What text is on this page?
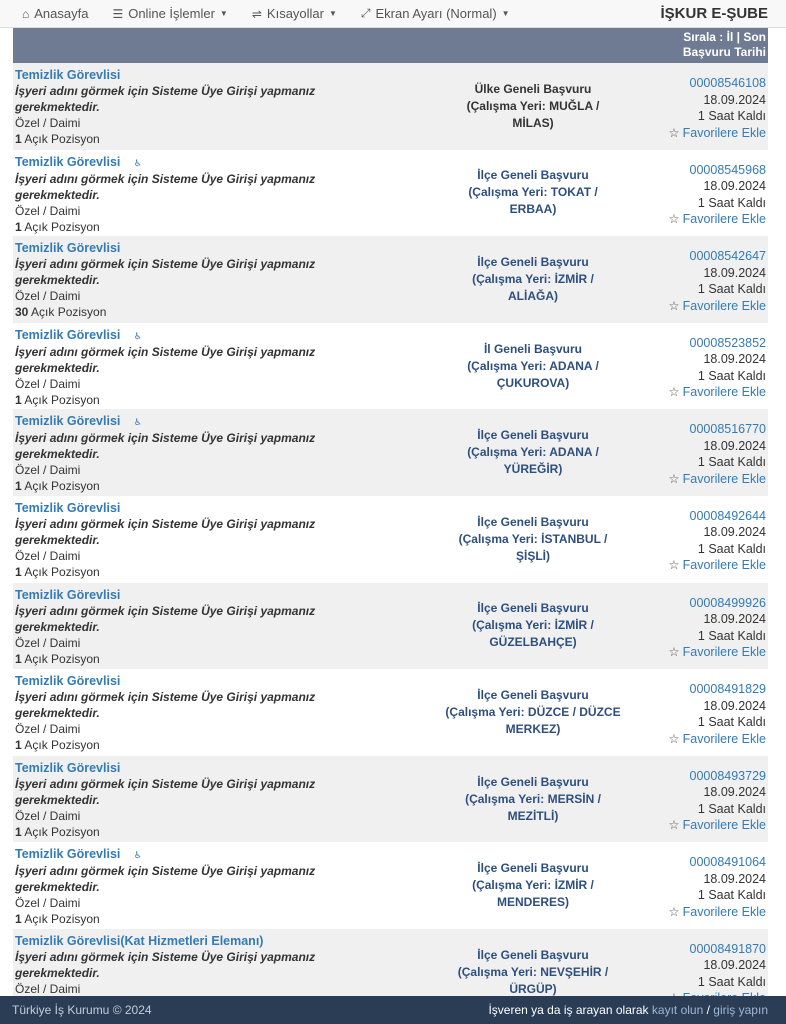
⌂ Anasayfa ☰ Online İşlemler ▼ ⇌ Kısayollar ▼ ⤢ Ekran Ayarı (Normal) ▼	İŞKUR E-ŞUBE
Sırala : İl | Son
Başvuru Tarihi
Temizlik Görevlisi
İşyeri adını görmek için Sisteme Üye Girişi yapmanız gerekmektedir.
Özel / Daimi
1 Açık Pozisyon
Ülke Geneli Başvuru
(Çalışma Yeri: MUĞLA /
MİLAS)
00008546108
18.09.2024
1 Saat Kaldı
☆ Favorilere Ekle
Temizlik Görevlisi ♿
İşyeri adını görmek için Sisteme Üye Girişi yapmanız gerekmektedir.
Özel / Daimi
1 Açık Pozisyon
İlçe Geneli Başvuru
(Çalışma Yeri: TOKAT /
ERBAA)
00008545968
18.09.2024
1 Saat Kaldı
☆ Favorilere Ekle
Temizlik Görevlisi
İşyeri adını görmek için Sisteme Üye Girişi yapmanız gerekmektedir.
Özel / Daimi
30 Açık Pozisyon
İlçe Geneli Başvuru
(Çalışma Yeri: İZMİR /
ALİAĞA)
00008542647
18.09.2024
1 Saat Kaldı
☆ Favorilere Ekle
Temizlik Görevlisi ♿
İşyeri adını görmek için Sisteme Üye Girişi yapmanız gerekmektedir.
Özel / Daimi
1 Açık Pozisyon
İl Geneli Başvuru
(Çalışma Yeri: ADANA /
ÇUKUROVA)
00008523852
18.09.2024
1 Saat Kaldı
☆ Favorilere Ekle
Temizlik Görevlisi ♿
İşyeri adını görmek için Sisteme Üye Girişi yapmanız gerekmektedir.
Özel / Daimi
1 Açık Pozisyon
İlçe Geneli Başvuru
(Çalışma Yeri: ADANA /
YÜREĞİR)
00008516770
18.09.2024
1 Saat Kaldı
☆ Favorilere Ekle
Temizlik Görevlisi
İşyeri adını görmek için Sisteme Üye Girişi yapmanız gerekmektedir.
Özel / Daimi
1 Açık Pozisyon
İlçe Geneli Başvuru
(Çalışma Yeri: İSTANBUL /
ŞİŞLİ)
00008492644
18.09.2024
1 Saat Kaldı
☆ Favorilere Ekle
Temizlik Görevlisi
İşyeri adını görmek için Sisteme Üye Girişi yapmanız gerekmektedir.
Özel / Daimi
1 Açık Pozisyon
İlçe Geneli Başvuru
(Çalışma Yeri: İZMİR /
GÜZELBAHÇE)
00008499926
18.09.2024
1 Saat Kaldı
☆ Favorilere Ekle
Temizlik Görevlisi
İşyeri adını görmek için Sisteme Üye Girişi yapmanız gerekmektedir.
Özel / Daimi
1 Açık Pozisyon
İlçe Geneli Başvuru
(Çalışma Yeri: DÜZCE / DÜZCE
MERKEZ)
00008491829
18.09.2024
1 Saat Kaldı
☆ Favorilere Ekle
Temizlik Görevlisi
İşyeri adını görmek için Sisteme Üye Girişi yapmanız gerekmektedir.
Özel / Daimi
1 Açık Pozisyon
İlçe Geneli Başvuru
(Çalışma Yeri: MERSİN /
MEZİTLİ)
00008493729
18.09.2024
1 Saat Kaldı
☆ Favorilere Ekle
Temizlik Görevlisi ♿
İşyeri adını görmek için Sisteme Üye Girişi yapmanız gerekmektedir.
Özel / Daimi
1 Açık Pozisyon
İlçe Geneli Başvuru
(Çalışma Yeri: İZMİR /
MENDERES)
00008491064
18.09.2024
1 Saat Kaldı
☆ Favorilere Ekle
Temizlik Görevlisi(Kat Hizmetleri Elemanı)
İşyeri adını görmek için Sisteme Üye Girişi yapmanız gerekmektedir.
Özel / Daimi
İlçe Geneli Başvuru
(Çalışma Yeri: NEVŞEHİR /
ÜRGÜP)
00008491870
18.09.2024
1 Saat Kaldı
Türkiye İş Kurumu © 2024	İşveren ya da iş arayan olarak kayıt olun / giriş yapın
